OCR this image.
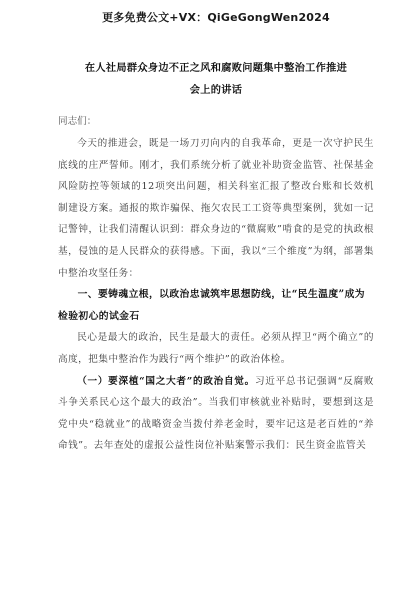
更多免费公文+VX：QiGeGongWen2024
在人社局群众身边不正之风和腐败问题集中整治工作推进
会上的讲话
同志们：

今天的推进会，既是一场刀刃向内的自我革命，更是一次守护民生底线的庄严誓师。刚才，我们系统分析了就业补助资金监管、社保基金风险防控等领域的12项突出问题，相关科室汇报了整改台账和长效机制建设方案。通报的欺诈骗保、拖欠农民工工资等典型案例，犹如一记记警钟，让我们清醒认识到：群众身边的“微腐败”啃食的是党的执政根基，侵蚀的是人民群众的获得感。下面，我以“三个维度”为纲，部署集中整治攻坚任务：

一、要铸魂立根，以政治忠诚筑牢思想防线，让“民生温度”成为检验初心的试金石

民心是最大的政治，民生是最大的责任。必须从捍卫“两个确立”的高度，把集中整治作为践行“两个维护”的政治体检。

（一）要深植“国之大者”的政治自觉。习近平总书记强调“反腐败斗争关系民心这个最大的政治”。当我们审核就业补贴时，要想到这是党中央“稳就业”的战略资金当拨付养老金时，要牢记这是老百姓的“养命钱”。去年查处的虚报公益性岗位补贴案警示我们：民生资金监管关
